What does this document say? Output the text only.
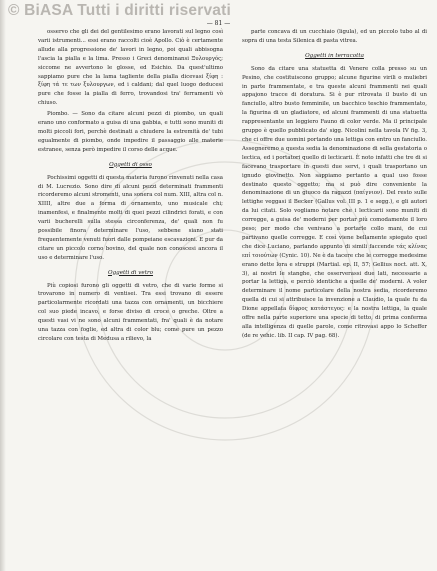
© BiASA Tutti i diritti riservati
— 81 —

osservo che gli dei del gentilesimo erano lavorati sul legno così varii istrumenti... essi erano raccolti cioè Apollo. Ciò è certamente allude alla progressione de' lavori in legno, poi quali abbisogna l'ascia la pialla e la lima. Presso i Greci denominansi Ξυλουργός; siccome ne avvertono le glosse, ed Esichio. Da quest'ultimo sappiamo pure che la lama tagliente della pialla dicevasi ξίφη : ξίφη τά τε των ξυλουργων, ed i caldani; dal quel luogo deducesi pure che fosse la pialla di ferro, trovandosi tra' ferramenti vò chiuso.

Piombo. — Sono da citare alcuni pezzi di piombo, un quali erano uno conformato a guisa di una gabbia, e tutti sono muniti di molti piccoli fori, perchè destinati a chiudere la estremità de' tubi egualmente di piombo, onde impedire il passaggio alle materie estranee, senza però impedire il corso delle acque.

Oggetti di osso

Pochissimi oggetti di questa materia furono rinvenuti nella casa di M. Lucrezio. Sono dire di alcuni pezzi determinati frammenti ricorderemo alcuni stromenti, una sonera col num. XIII, altra col n. XIIII, altre due a forma di ornamento, uno musicale chi; inamenfesi, e finalmente molti di quei pezzi cilindrici forati, e con varii bucherelli sulla stessa circonferenza, de' quali non fu possibile finora determinare l'uso, sebbene siano stati frequentemente venuti fuori dalle pompeiane escavazioni. E pur da citare un piccolo corno bovino, del quale non conoscesi ancora il uso e determinare l'uso.

Oggetti di vetro

Più copiosi furono gli oggetti di vetro, che di varie forme si trovarono in numero di ventisei. Tra essi trovano di essere particolarmente ricordati una tazza con ornamenti, un bicchiere col suo piede incavo, e forse diviso di croce o greche. Oltre a questi vasi vi ne sono alcuni frammentati, fra' quali è da notare una tazza con foglie, ed altra di color blu; come pure un pezzo circolare con testa di Medusa a rilievo, la

parte concava di un cucchiaio (ligula), ed un piccolo tubo al di sopra di una testa Silenica di pasta vitrea.

Oggetti in terracotta

Sono da citare una statuetta di Venere colla presso su un Pesino, che costituiscono gruppo; alcune figurine virili o muliebri in parte frammentate, e tra queste alcuni frammenti nei quali appajono tracce di doratura. Si è pur ritrovata il busto di un fanciullo, altro busto femminile, un bacchico teschio frammentato, la figurina di un gladiatore, ed alcuni frammenti di una statuetta rappresentante un leggiero Fauno di color verde. Ma il principale gruppo è quello pubblicato da' sigg. Nicolini nella tavola IV fig. 3, che ci offre due uomini portando una lettiga con entro un fanciullo. Assegneremo a questa sedia la denominazione di sella gestatoria o lectica, ed i portatori quello di lecticarii. È noto infatti che tre di si facevano trasportare in questi due servi, i quali trasportano un ignudo giovinetto. Non sappiamo pertanto a qual uso fosse destinato questo oggetto; ma si può dire conveniente la denominazione di un giuoco da ragazzi (παίγνιον). Del resto sulle lettighe veggasi il Becker (Gallus vol. III p. 1 e segg.), e gli autori da lui citati. Solo vogliamo notare che i lecticarii sono muniti di corregge, a guisa de' moderni per portar più comodamente il loro peso; per modo che venivano a portarle collo mani, de cui partivano quelle corregge. E così viene bellamente spiegato quel che dice Luciano, parlando appunto di simili faccende τάς κλίνας επί τοιούτων (Cynic. 10). Ne è da tacere che le corregge medesime erano dette lora e struppi (Martial. ep. II, 57; Gellius noct. att. X, 3), ai nostri le stanghe, che osserverassi due lati, necessarie a portar la lettiga, e perciò identiche a quelle de' moderni. A voler determinare il nome particolare della nostra sedia, ricorderemo quella di cui si attribuisce la invenzione a Claudio, la quale fu da Dione appellata δίφρος κατάστεγος: e la nostra lettiga, la quale offre nella parte superiore una specie di tetto, di prima conferma alla intelligenza di quelle parole, come ritrovasi appo lo Scheffer (de re vehic. lib. II cap. IV pag. 68).
